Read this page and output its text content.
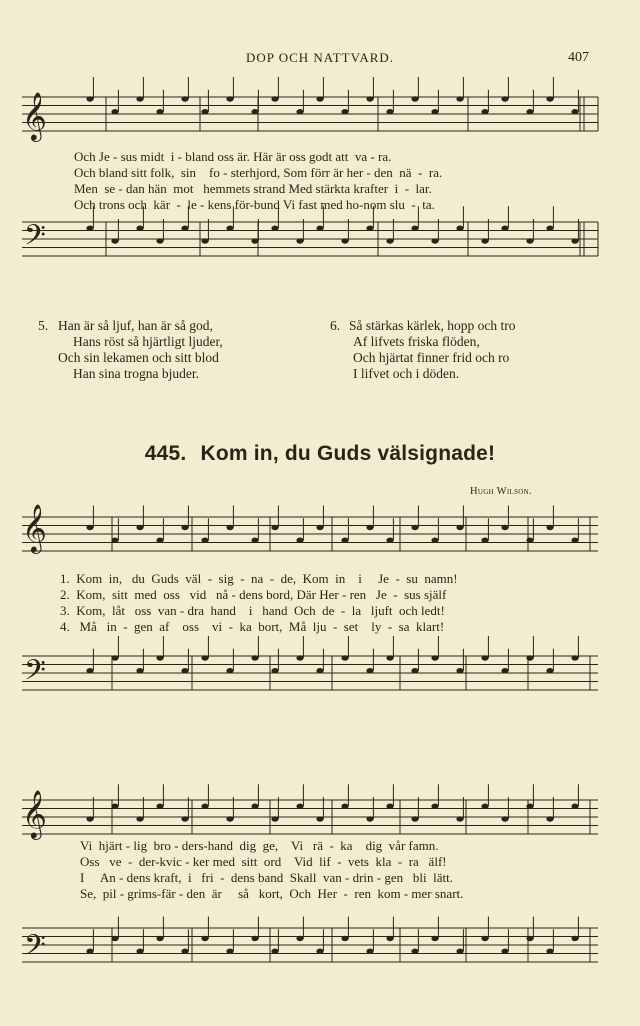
DOP OCH NATTVARD.	407
𝄞
𝄢
𝄞
𝄢
𝄞
𝄢
Och Je - sus midt  i - bland oss är. Här är oss godt att  va - ra.
Och bland sitt folk,  sin    fo - sterhjord, Som förr är her - den  nä  -  ra.
Men  se - dan hän  mot   hemmets strand Med stärkta krafter  i  -  lar.
Och trons och  kär  -  le - kens för-bund Vi fast med ho-nom slu  -  ta.
5. Han är så ljuf, han är så god,
Hans röst så hjärtligt ljuder,
Och sin lekamen och sitt blod
Han sina trogna bjuder.
6. Så stärkas kärlek, hopp och tro
Af lifvets friska flöden,
Och hjärtat finner frid och ro
I lifvet och i döden.
445. Kom in, du Guds välsignade!
Hugh Wilson.
1.  Kom  in,   du  Guds  väl  -  sig  -  na  -  de,  Kom  in    i     Je  -  su  namn!
2.  Kom,  sitt  med  oss   vid   nå - dens bord, Där Her - ren   Je  -  sus själf
3.  Kom,  låt   oss  van - dra  hand    i   hand  Och  de  -  la   ljuft  och ledt!
4.   Må   in  -  gen  af    oss    vi  -  ka  bort,  Må  lju  -  set    ly  -  sa  klart!
Vi  hjärt - lig  bro - ders-hand  dig  ge,    Vi   rä  -  ka    dig  vår famn.
Oss   ve  -  der-kvic - ker med  sitt  ord    Vid  lif  -  vets  kla  -  ra   älf!
I     An - dens kraft,  i   fri  -  dens band  Skall  van - drin - gen   bli  lätt.
Se,  pil - grims-fär - den  är     så   kort,  Och  Her  -  ren  kom - mer snart.
